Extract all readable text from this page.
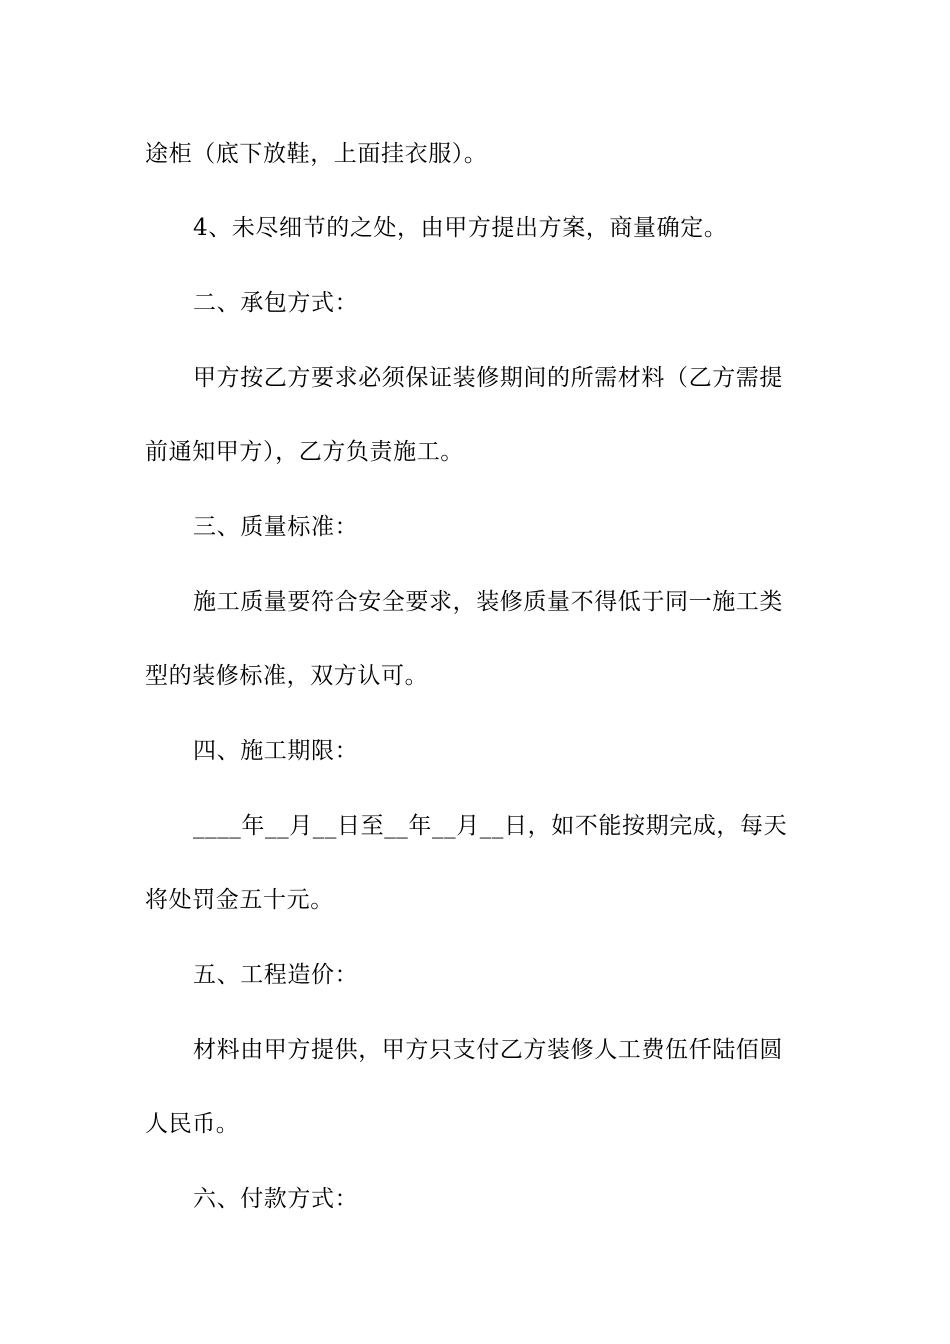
途柜（底下放鞋，上面挂衣服）。
4、未尽细节的之处，由甲方提出方案，商量确定。
二、承包方式：
甲方按乙方要求必须保证装修期间的所需材料（乙方需提
前通知甲方），乙方负责施工。
三、质量标准：
施工质量要符合安全要求，装修质量不得低于同一施工类
型的装修标准，双方认可。
四、施工期限：
____年__月__日至__年__月__日，如不能按期完成，每天
将处罚金五十元。
五、工程造价：
材料由甲方提供，甲方只支付乙方装修人工费伍仟陆佰圆
人民币。
六、付款方式：
